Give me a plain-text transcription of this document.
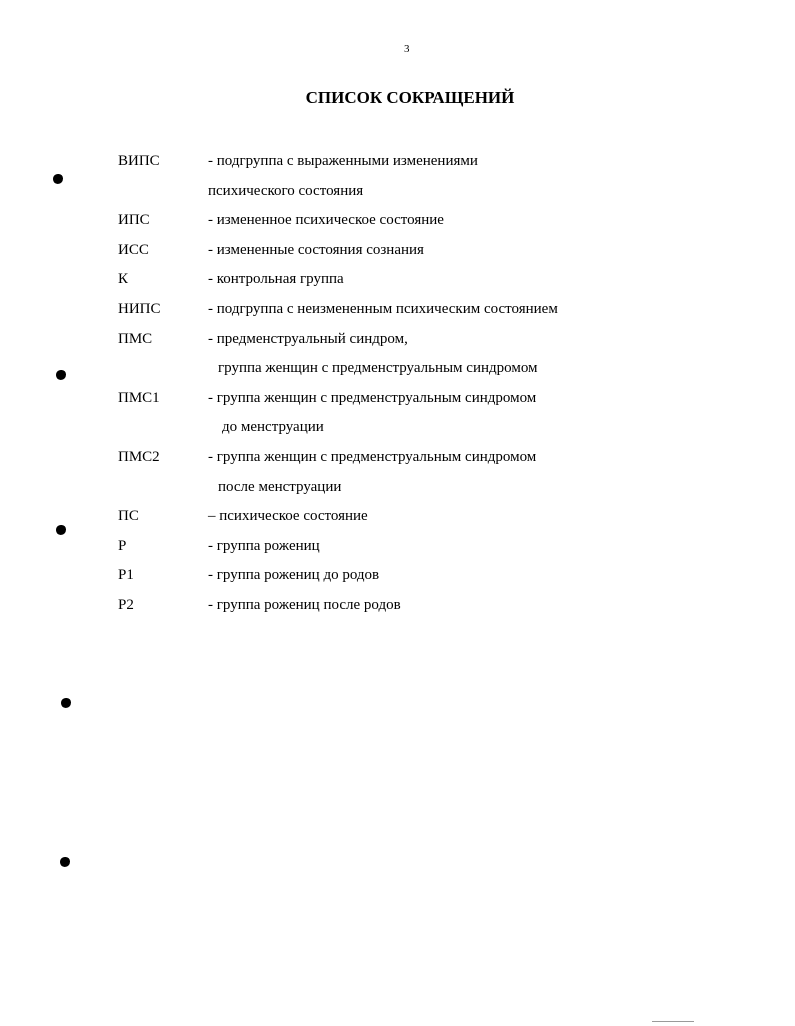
3
СПИСОК СОКРАЩЕНИЙ
ВИПС	- подгруппа с выраженными изменениями
психического состояния
ИПС	- измененное психическое состояние
ИСС	- измененные состояния сознания
К	- контрольная группа
НИПС	- подгруппа с неизмененным психическим состоянием
ПМС	- предменструальный синдром,
группа женщин с предменструальным синдромом
ПМС1	- группа женщин с предменструальным синдромом
до менструации
ПМС2	- группа женщин с предменструальным синдромом
после менструации
ПС	– психическое состояние
Р	- группа рожениц
Р1	- группа рожениц до родов
Р2	- группа рожениц после родов
